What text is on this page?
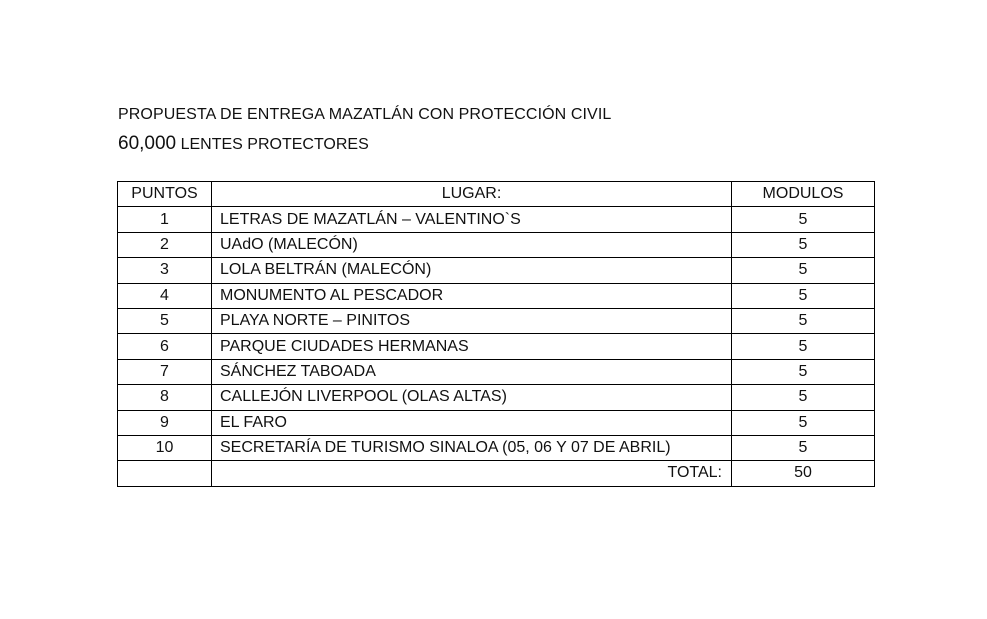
PROPUESTA DE ENTREGA MAZATLÁN CON PROTECCIÓN CIVIL
60,000 LENTES PROTECTORES
PUNTOS	LUGAR:	MODULOS
1	LETRAS DE MAZATLÁN – VALENTINO`S	5
2	UAdO (MALECÓN)	5
3	LOLA BELTRÁN (MALECÓN)	5
4	MONUMENTO AL PESCADOR	5
5	PLAYA NORTE – PINITOS	5
6	PARQUE CIUDADES HERMANAS	5
7	SÁNCHEZ TABOADA	5
8	CALLEJÓN LIVERPOOL (OLAS ALTAS)	5
9	EL FARO	5
10	SECRETARÍA DE TURISMO SINALOA (05, 06 Y 07 DE ABRIL)	5
	TOTAL:	50
